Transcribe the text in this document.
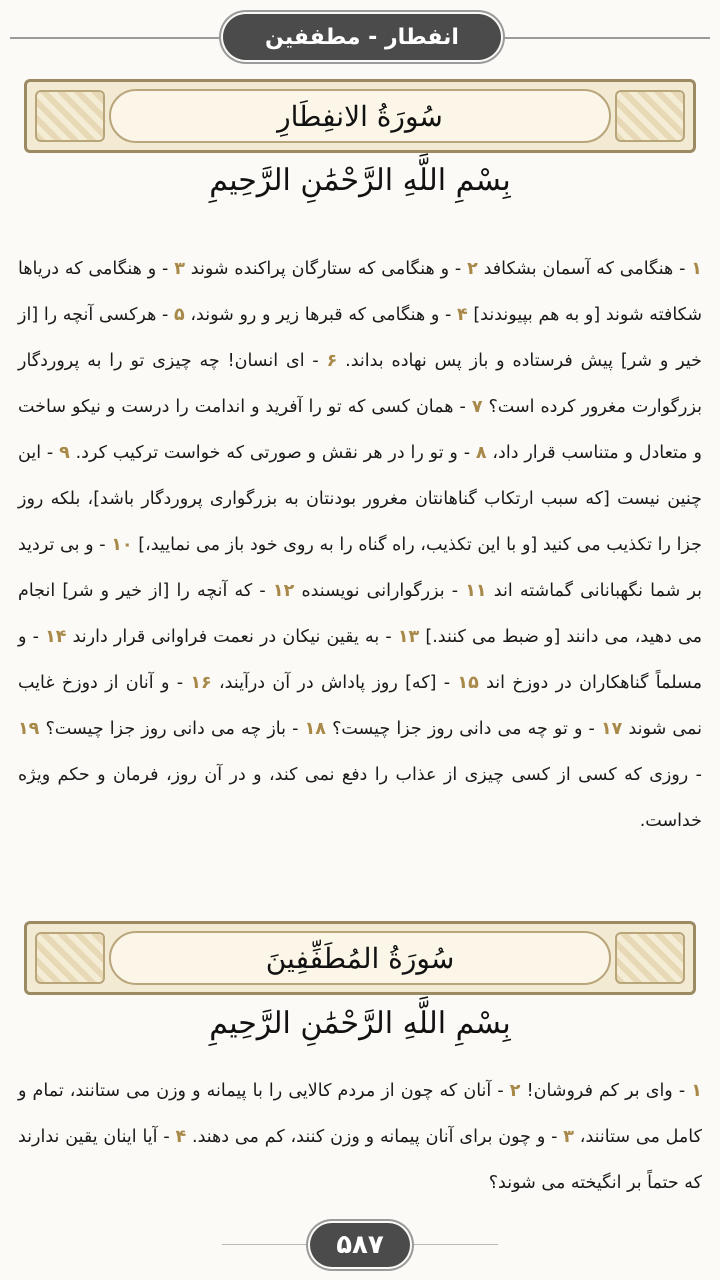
انفطار - مطففین
سُورَةُ الانفِطَارِ
بِسْمِ اللَّهِ الرَّحْمَٰنِ الرَّحِيمِ
۱ - هنگامی که آسمان بشکافد ۲ - و هنگامی که ستارگان پراکنده شوند ۳ - و هنگامی که دریاها شکافته شوند [و به هم بپیوندند] ۴ - و هنگامی که قبرها زیر و رو شوند، ۵ - هرکسی آنچه را [از خیر و شر] پیش فرستاده و باز پس نهاده بداند. ۶ - ای انسان! چه چیزی تو را به پروردگار بزرگوارت مغرور کرده است؟ ۷ - همان کسی که تو را آفرید و اندامت را درست و نیکو ساخت و متعادل و متناسب قرار داد، ۸ - و تو را در هر نقش و صورتی که خواست ترکیب کرد. ۹ - این چنین نیست [که سبب ارتکاب گناهانتان مغرور بودنتان به بزرگواری پروردگار باشد]، بلکه روز جزا را تکذیب می کنید [و با این تکذیب، راه گناه را به روی خود باز می نمایید،] ۱۰ - و بی تردید بر شما نگهبانانی گماشته اند ۱۱ - بزرگوارانی نویسنده ۱۲ - که آنچه را [از خیر و شر] انجام می دهید، می دانند [و ضبط می کنند.] ۱۳ - به یقین نیکان در نعمت فراوانی قرار دارند ۱۴ - و مسلماً گناهکاران در دوزخ اند ۱۵ - [که] روز پاداش در آن درآیند، ۱۶ - و آنان از دوزخ غایب نمی شوند ۱۷ - و تو چه می دانی روز جزا چیست؟ ۱۸ - باز چه می دانی روز جزا چیست؟ ۱۹ - روزی که کسی از کسی چیزی از عذاب را دفع نمی کند، و در آن روز، فرمان و حکم ویژه خداست.
سُورَةُ المُطَفِّفِينَ
بِسْمِ اللَّهِ الرَّحْمَٰنِ الرَّحِيمِ
۱ - وای بر کم فروشان! ۲ - آنان که چون از مردم کالایی را با پیمانه و وزن می ستانند، تمام و کامل می ستانند، ۳ - و چون برای آنان پیمانه و وزن کنند، کم می دهند. ۴ - آیا اینان یقین ندارند که حتماً بر انگیخته می شوند؟
۵۸۷
